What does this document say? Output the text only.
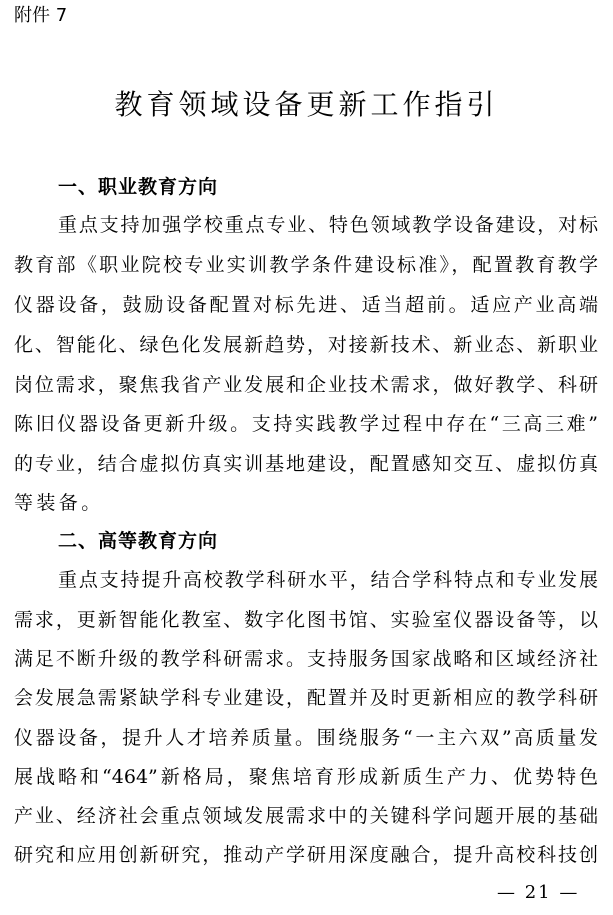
附件 7
教育领域设备更新工作指引
一、职业教育方向
重点支持加强学校重点专业、特色领域教学设备建设，对标
教育部《职业院校专业实训教学条件建设标准》，配置教育教学
仪器设备，鼓励设备配置对标先进、适当超前。适应产业高端
化、智能化、绿色化发展新趋势，对接新技术、新业态、新职业
岗位需求，聚焦我省产业发展和企业技术需求，做好教学、科研
陈旧仪器设备更新升级。支持实践教学过程中存在“三高三难”
的专业，结合虚拟仿真实训基地建设，配置感知交互、虚拟仿真
等装备。
二、高等教育方向
重点支持提升高校教学科研水平，结合学科特点和专业发展
需求，更新智能化教室、数字化图书馆、实验室仪器设备等，以
满足不断升级的教学科研需求。支持服务国家战略和区域经济社
会发展急需紧缺学科专业建设，配置并及时更新相应的教学科研
仪器设备，提升人才培养质量。围绕服务“一主六双”高质量发
展战略和“464”新格局，聚焦培育形成新质生产力、优势特色
产业、经济社会重点领域发展需求中的关键科学问题开展的基础
研究和应用创新研究，推动产学研用深度融合，提升高校科技创
— 21 —
